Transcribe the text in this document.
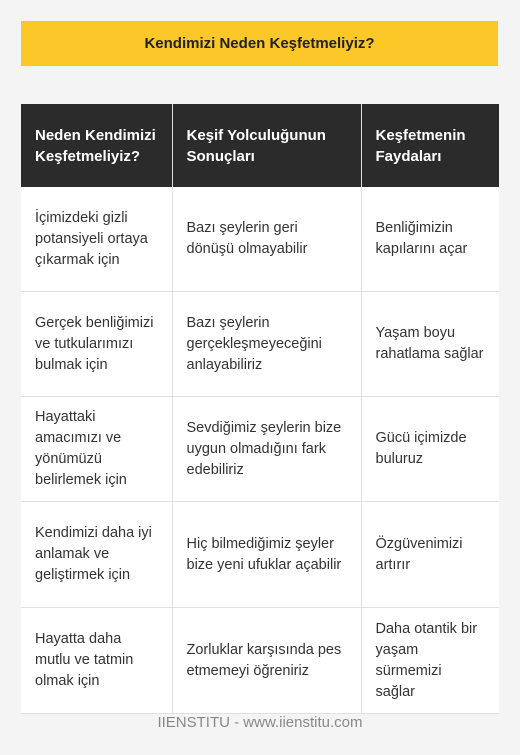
Kendimizi Neden Keşfetmeliyiz?
Neden Kendimizi Keşfetmeliyiz?	Keşif Yolculuğunun Sonuçları	Keşfetmenin Faydaları
İçimizdeki gizli potansiyeli ortaya çıkarmak için	Bazı şeylerin geri dönüşü olmayabilir	Benliğimizin kapılarını açar
Gerçek benliğimizi ve tutkularımızı bulmak için	Bazı şeylerin gerçekleşmeyeceğini anlayabiliriz	Yaşam boyu rahatlama sağlar
Hayattaki amacımızı ve yönümüzü belirlemek için	Sevdiğimiz şeylerin bize uygun olmadığını fark edebiliriz	Gücü içimizde buluruz
Kendimizi daha iyi anlamak ve geliştirmek için	Hiç bilmediğimiz şeyler bize yeni ufuklar açabilir	Özgüvenimizi artırır
Hayatta daha mutlu ve tatmin olmak için	Zorluklar karşısında pes etmemeyi öğreniriz	Daha otantik bir yaşam sürmemizi sağlar
IIENSTITU - www.iienstitu.com
